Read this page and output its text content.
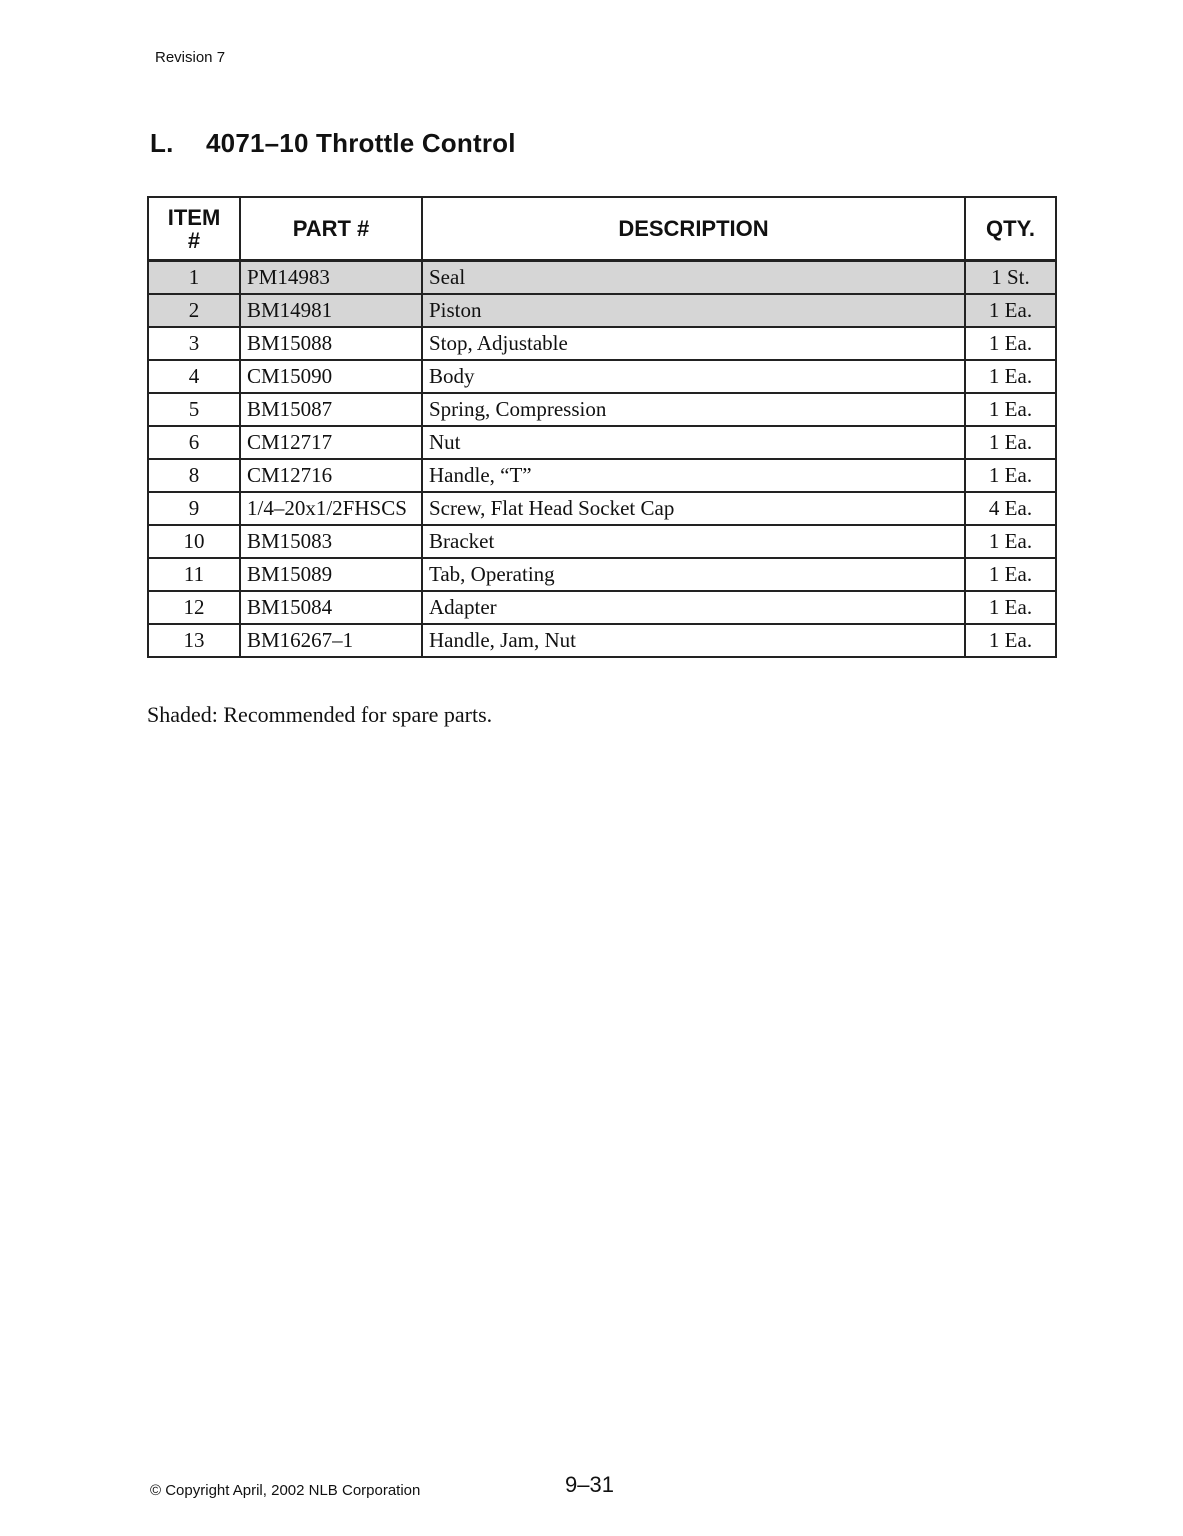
Revision 7
L. 4071–10 Throttle Control
ITEM #	PART #	DESCRIPTION	QTY.
1	PM14983	Seal	1 St.
2	BM14981	Piston	1 Ea.
3	BM15088	Stop, Adjustable	1 Ea.
4	CM15090	Body	1 Ea.
5	BM15087	Spring, Compression	1 Ea.
6	CM12717	Nut	1 Ea.
8	CM12716	Handle, “T”	1 Ea.
9	1/4–20x1/2FHSCS	Screw, Flat Head Socket Cap	4 Ea.
10	BM15083	Bracket	1 Ea.
11	BM15089	Tab, Operating	1 Ea.
12	BM15084	Adapter	1 Ea.
13	BM16267–1	Handle, Jam, Nut	1 Ea.
Shaded: Recommended for spare parts.
© Copyright April, 2002 NLB Corporation	9–31
